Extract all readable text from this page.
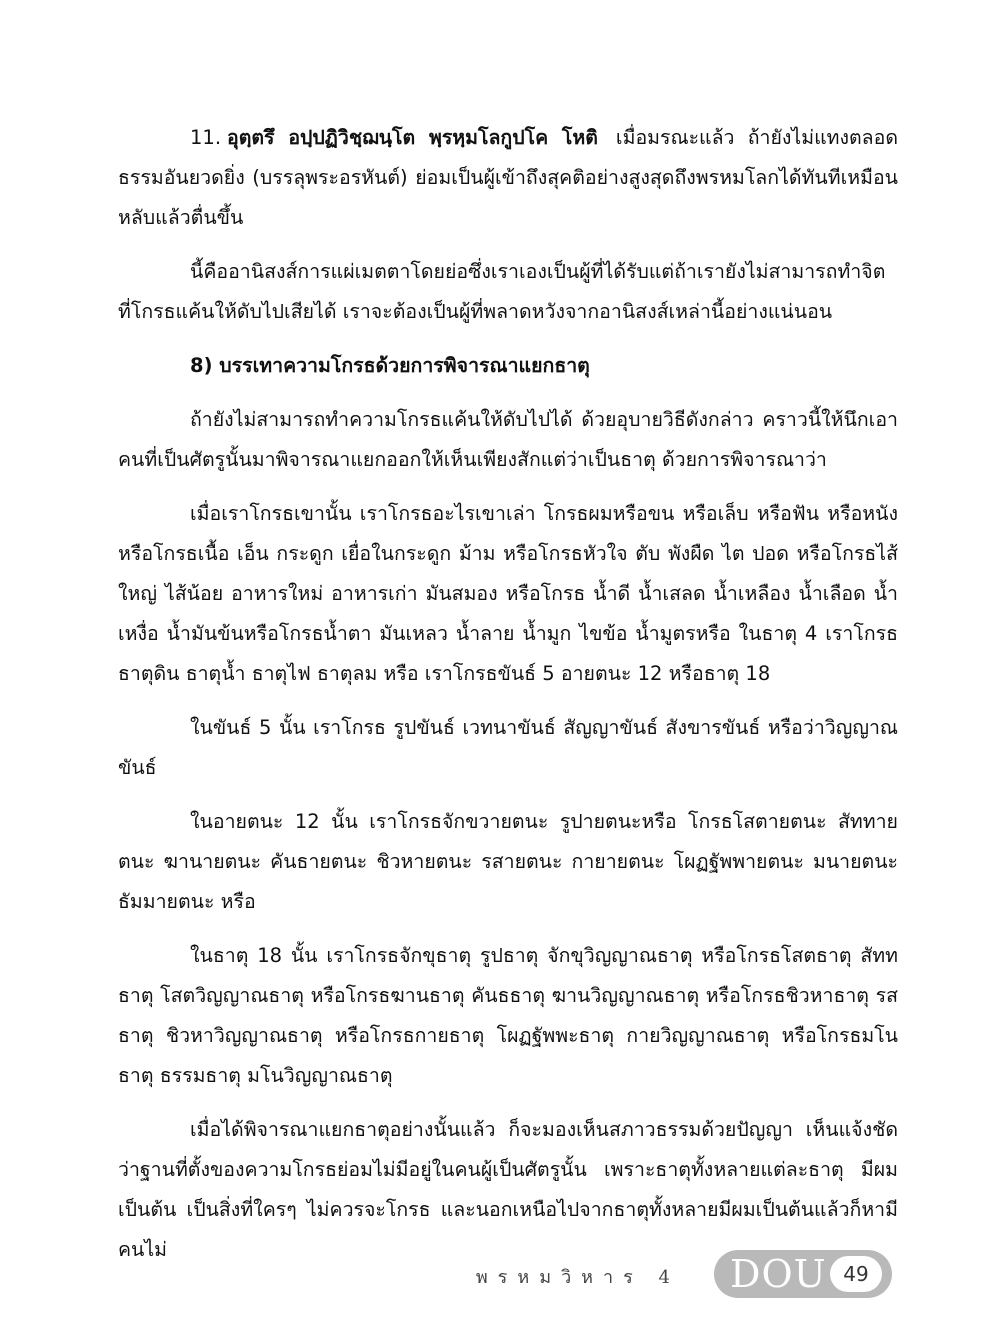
11. อุตฺตรึ อปฺปฏิวิชฺฌนฺโต พฺรหฺมโลกูปโค โหติ เมื่อมรณะแล้ว ถ้ายังไม่แทงตลอดธรรมอันยวดยิ่ง (บรรลุพระอรหันต์) ย่อมเป็นผู้เข้าถึงสุคติอย่างสูงสุดถึงพรหมโลกได้ทันทีเหมือนหลับแล้วตื่นขึ้น

นี้คืออานิสงส์การแผ่เมตตาโดยย่อซึ่งเราเองเป็นผู้ที่ได้รับแต่ถ้าเรายังไม่สามารถทำจิตที่โกรธแค้นให้ดับไปเสียได้ เราจะต้องเป็นผู้ที่พลาดหวังจากอานิสงส์เหล่านี้อย่างแน่นอน

8) บรรเทาความโกรธด้วยการพิจารณาแยกธาตุ

ถ้ายังไม่สามารถทำความโกรธแค้นให้ดับไปได้ ด้วยอุบายวิธีดังกล่าว คราวนี้ให้นึกเอาคนที่เป็นศัตรูนั้นมาพิจารณาแยกออกให้เห็นเพียงสักแต่ว่าเป็นธาตุ ด้วยการพิจารณาว่า

เมื่อเราโกรธเขานั้น เราโกรธอะไรเขาเล่า โกรธผมหรือขน หรือเล็บ หรือฟัน หรือหนัง หรือโกรธเนื้อ เอ็น กระดูก เยื่อในกระดูก ม้าม หรือโกรธหัวใจ ตับ พังผืด ไต ปอด หรือโกรธไส้ใหญ่ ไส้น้อย อาหารใหม่ อาหารเก่า มันสมอง หรือโกรธ น้ำดี น้ำเสลด น้ำเหลือง น้ำเลือด น้ำเหงื่อ น้ำมันข้นหรือโกรธน้ำตา มันเหลว น้ำลาย น้ำมูก ไขข้อ น้ำมูตรหรือ ในธาตุ 4 เราโกรธธาตุดิน ธาตุน้ำ ธาตุไฟ ธาตุลม หรือ เราโกรธขันธ์ 5 อายตนะ 12 หรือธาตุ 18

ในขันธ์ 5 นั้น เราโกรธ รูปขันธ์ เวทนาขันธ์ สัญญาขันธ์ สังขารขันธ์ หรือว่าวิญญาณขันธ์

ในอายตนะ 12 นั้น เราโกรธจักขวายตนะ รูปายตนะหรือ โกรธโสตายตนะ สัททายตนะ ฆานายตนะ คันธายตนะ ชิวหายตนะ รสายตนะ กายายตนะ โผฏฐัพพายตนะ มนายตนะ ธัมมายตนะ หรือ

ในธาตุ 18 นั้น เราโกรธจักขุธาตุ รูปธาตุ จักขุวิญญาณธาตุ หรือโกรธโสตธาตุ สัททธาตุ โสตวิญญาณธาตุ หรือโกรธฆานธาตุ คันธธาตุ ฆานวิญญาณธาตุ หรือโกรธชิวหาธาตุ รสธาตุ ชิวหาวิญญาณธาตุ หรือโกรธกายธาตุ โผฏฐัพพะธาตุ กายวิญญาณธาตุ หรือโกรธมโนธาตุ ธรรมธาตุ มโนวิญญาณธาตุ

เมื่อได้พิจารณาแยกธาตุอย่างนั้นแล้ว ก็จะมองเห็นสภาวธรรมด้วยปัญญา เห็นแจ้งชัดว่าฐานที่ตั้งของความโกรธย่อมไม่มีอยู่ในคนผู้เป็นศัตรูนั้น เพราะธาตุทั้งหลายแต่ละธาตุ มีผมเป็นต้น เป็นสิ่งที่ใครๆ ไม่ควรจะโกรธ และนอกเหนือไปจากธาตุทั้งหลายมีผมเป็นต้นแล้วก็หามีคนไม่

พรหมวิหาร 4 DOU 49
